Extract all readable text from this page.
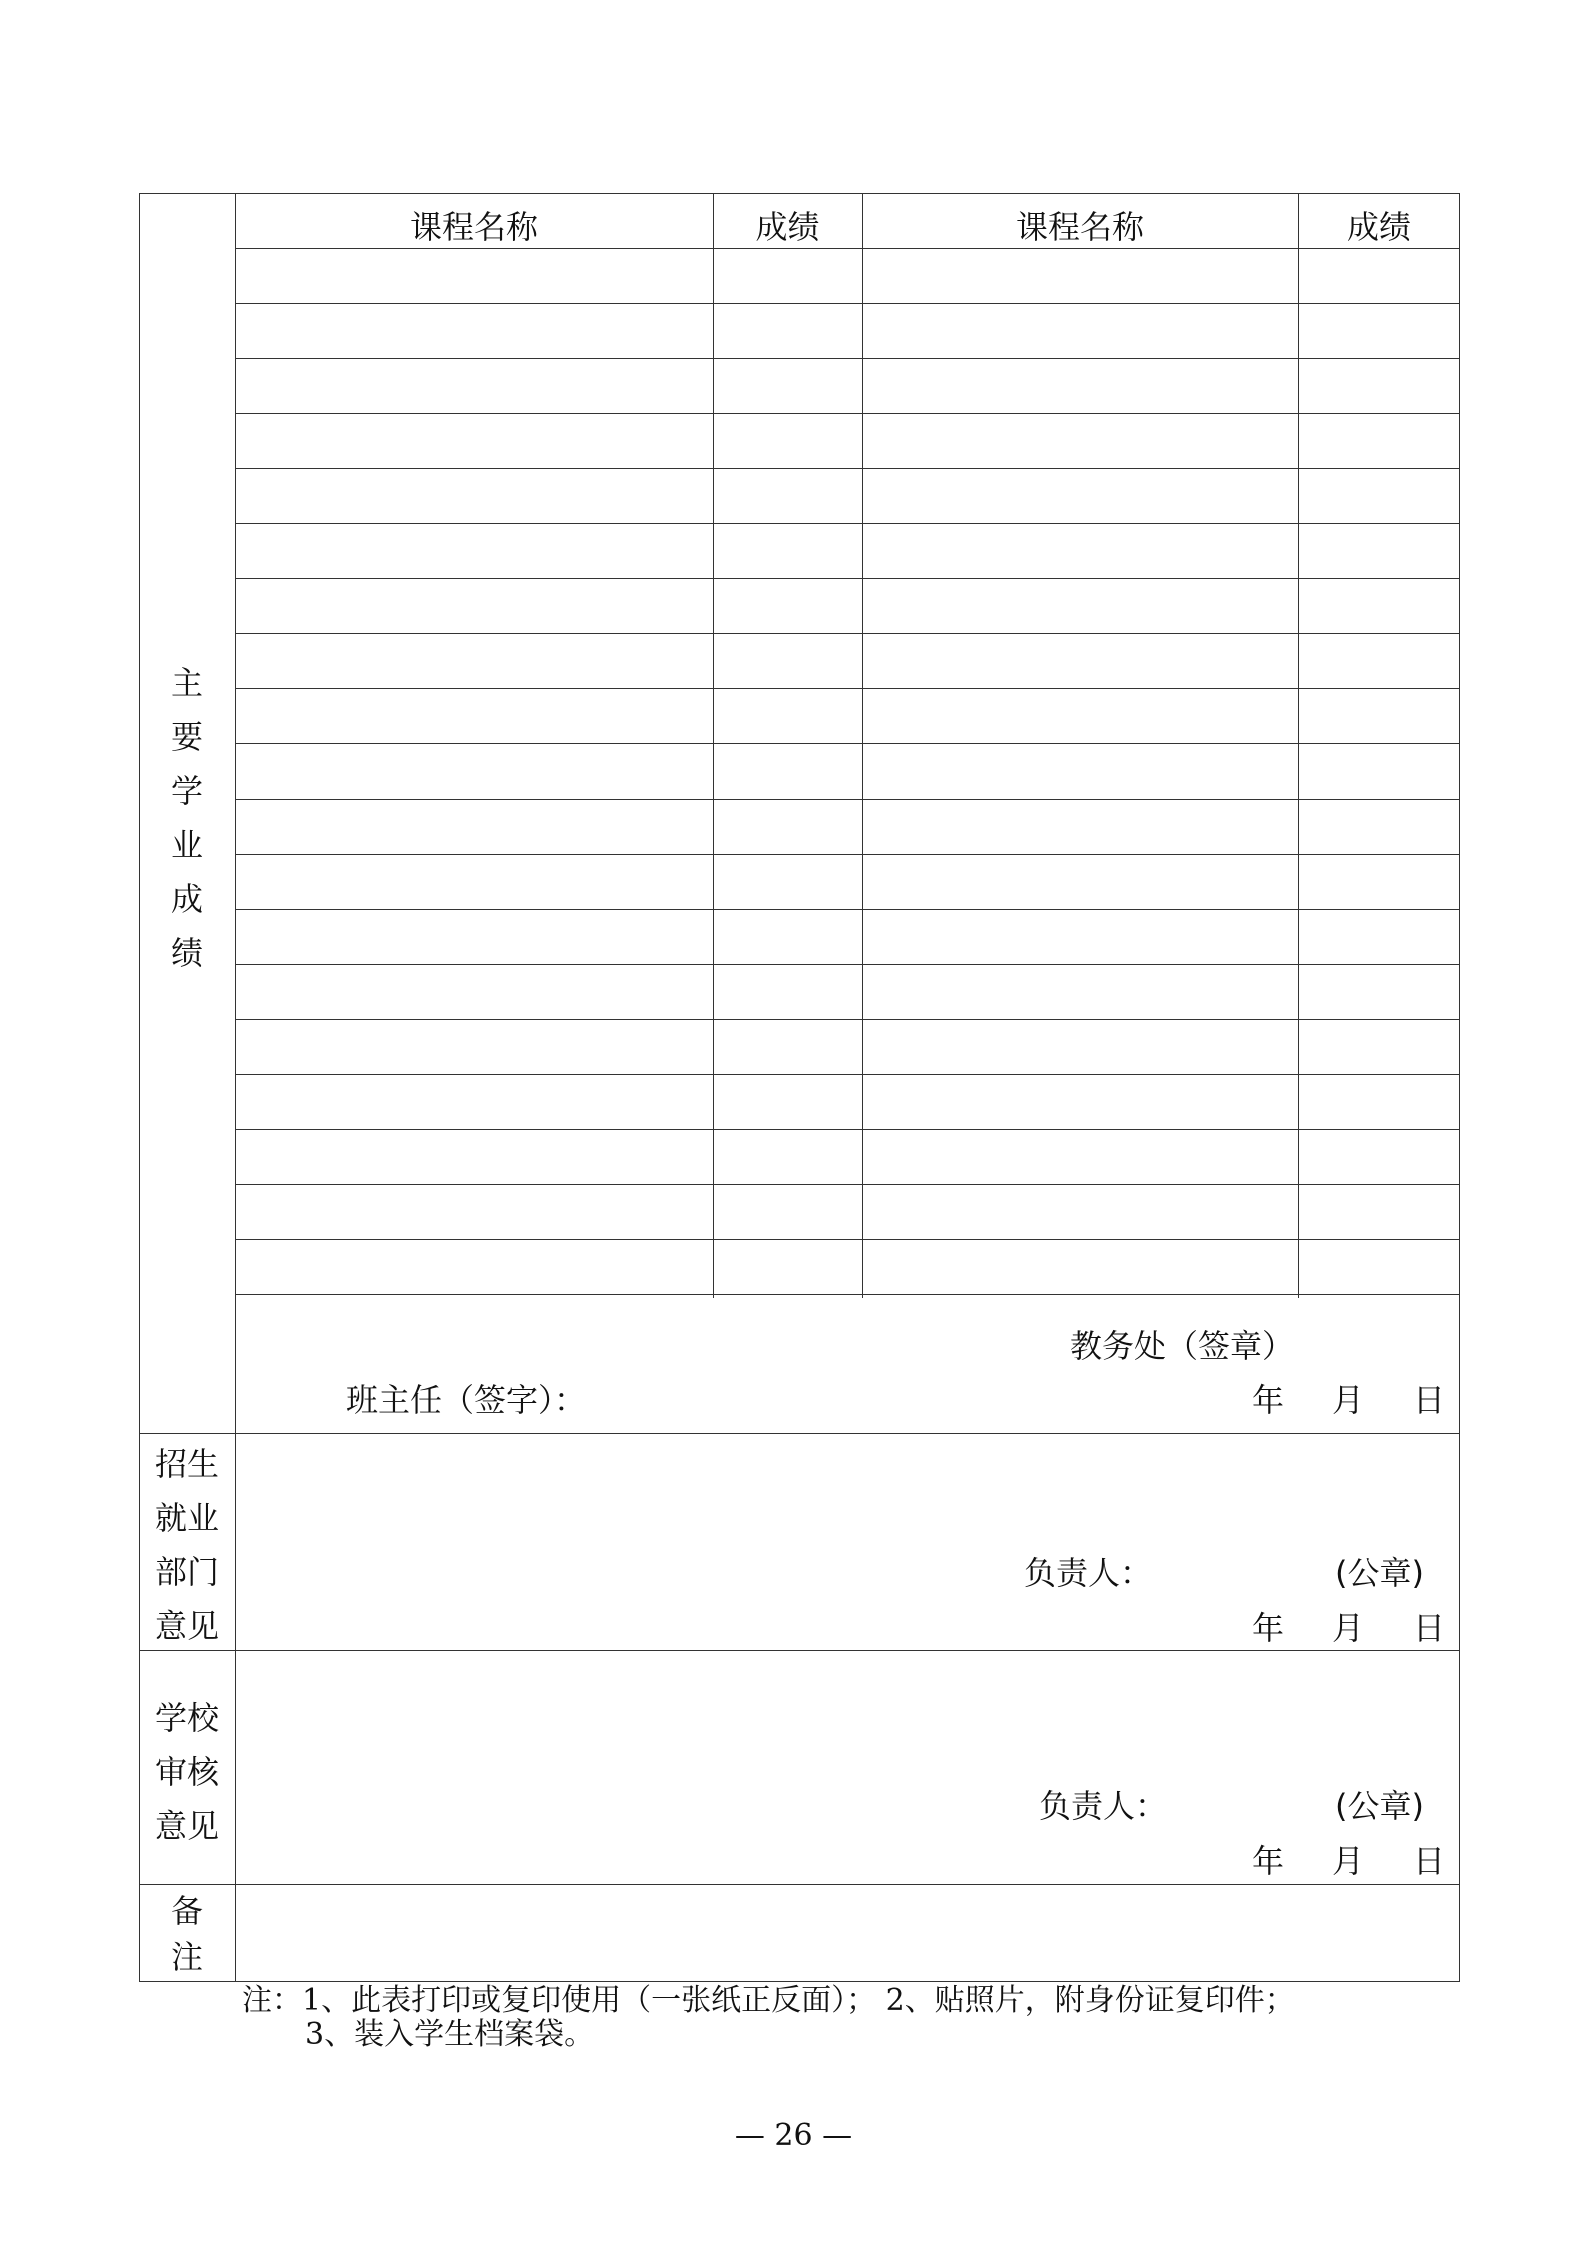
课程名称	成绩	课程名称	成绩
主
要
学
业
成
绩
教务处（签章）
班主任（签字）：	年 月 日
招生
就业
部门
意见
负责人：	(公章)
年 月 日
学校
审核
意见
负责人：	(公章)
年 月 日
备
注
注：1、此表打印或复印使用（一张纸正反面）； 2、贴照片，附身份证复印件；
3、装入学生档案袋。
— 26 —
